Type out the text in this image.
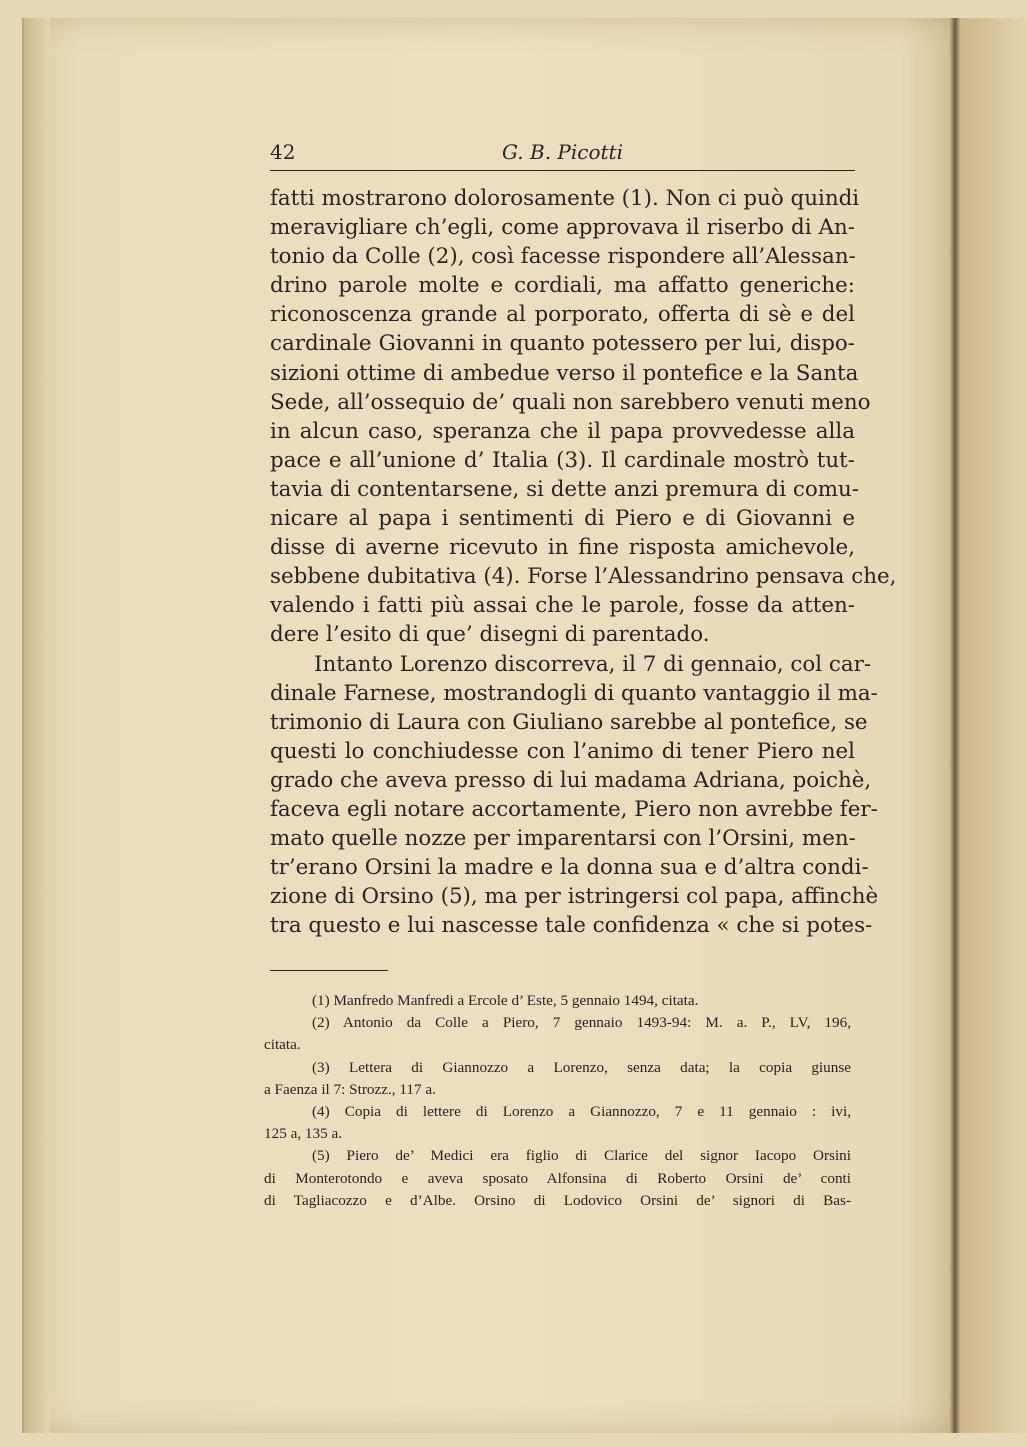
42	G. B. Picotti
fatti mostrarono dolorosamente (1). Non ci può quindi
meravigliare ch’egli, come approvava il riserbo di An-
tonio da Colle (2), così facesse rispondere all’Alessan-
drino parole molte e cordiali, ma affatto generiche:
riconoscenza grande al porporato, offerta di sè e del
cardinale Giovanni in quanto potessero per lui, dispo-
sizioni ottime di ambedue verso il pontefice e la Santa
Sede, all’ossequio de’ quali non sarebbero venuti meno
in alcun caso, speranza che il papa provvedesse alla
pace e all’unione d’ Italia (3). Il cardinale mostrò tut-
tavia di contentarsene, si dette anzi premura di comu-
nicare al papa i sentimenti di Piero e di Giovanni e
disse di averne ricevuto in fine risposta amichevole,
sebbene dubitativa (4). Forse l’Alessandrino pensava che,
valendo i fatti più assai che le parole, fosse da atten-
dere l’esito di que’ disegni di parentado.
Intanto Lorenzo discorreva, il 7 di gennaio, col car-
dinale Farnese, mostrandogli di quanto vantaggio il ma-
trimonio di Laura con Giuliano sarebbe al pontefice, se
questi lo conchiudesse con l’animo di tener Piero nel
grado che aveva presso di lui madama Adriana, poichè,
faceva egli notare accortamente, Piero non avrebbe fer-
mato quelle nozze per imparentarsi con l’Orsini, men-
tr’erano Orsini la madre e la donna sua e d’altra condi-
zione di Orsino (5), ma per istringersi col papa, affinchè
tra questo e lui nascesse tale confidenza « che si potes-
(1) Manfredo Manfredi a Ercole d’ Este, 5 gennaio 1494, citata.
(2) Antonio da Colle a Piero, 7 gennaio 1493-94: M. a. P., LV, 196,
citata.
(3) Lettera di Giannozzo a Lorenzo, senza data; la copia giunse
a Faenza il 7: Strozz., 117 a.
(4) Copia di lettere di Lorenzo a Giannozzo, 7 e 11 gennaio : ivi,
125 a, 135 a.
(5) Piero de’ Medici era figlio di Clarice del signor Iacopo Orsini
di Monterotondo e aveva sposato Alfonsina di Roberto Orsini de’ conti
di Tagliacozzo e d’Albe. Orsino di Lodovico Orsini de’ signori di Bas-
